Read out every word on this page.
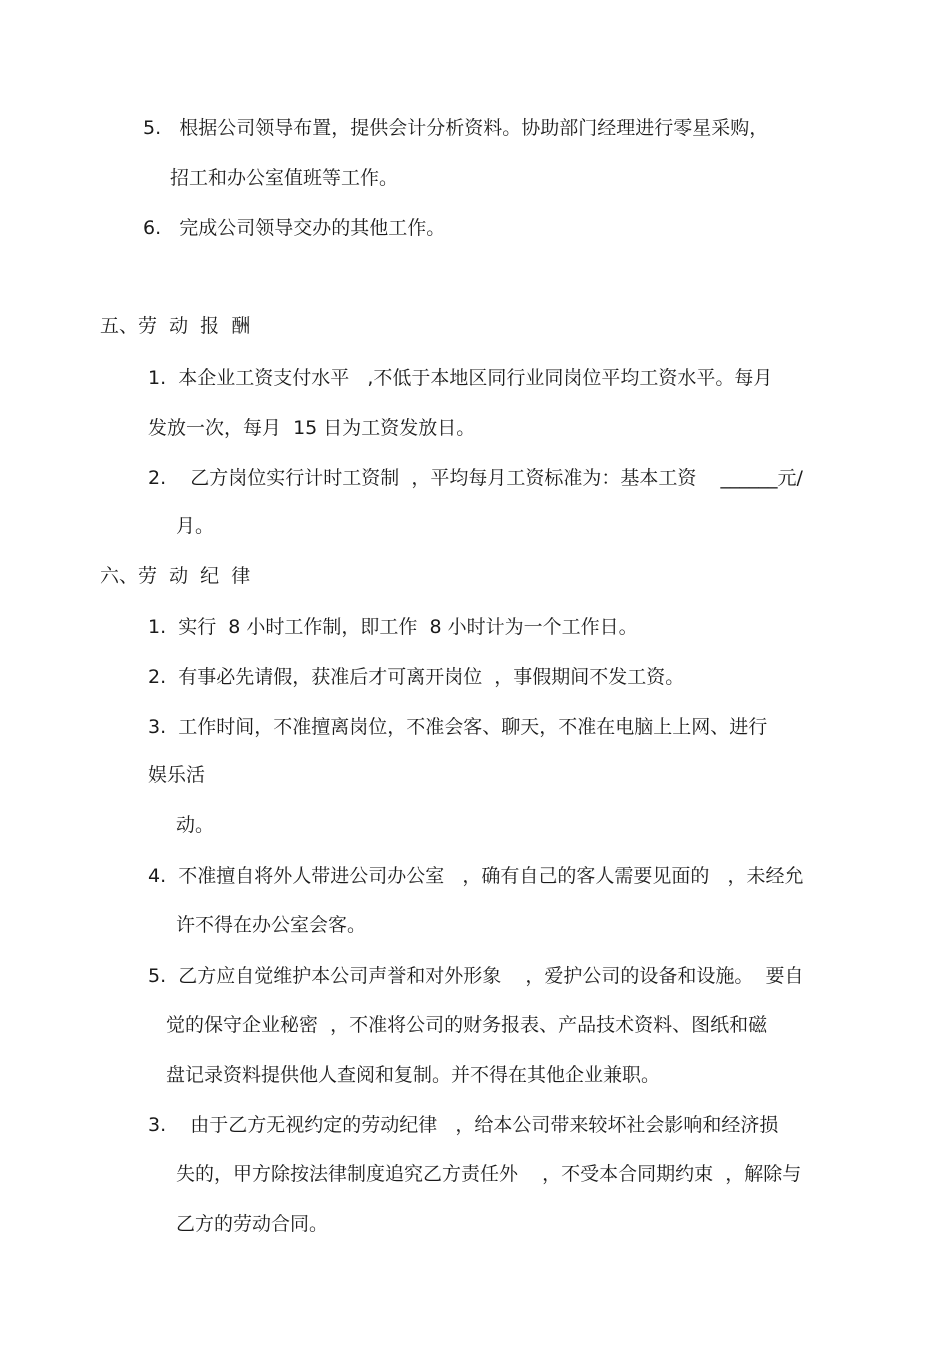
5.   根据公司领导布置，提供会计分析资料。协助部门经理进行零星采购，
招工和办公室值班等工作。
6.   完成公司领导交办的其他工作。
五、劳  动  报  酬
1.  本企业工资支付水平   ,不低于本地区同行业同岗位平均工资水平。每月
发放一次，每月  15 日为工资发放日。
2.    乙方岗位实行计时工资制  ，平均每月工资标准为：基本工资    ______元/
月。
六、劳  动  纪  律
1.  实行  8 小时工作制，即工作  8 小时计为一个工作日。
2.  有事必先请假，获准后才可离开岗位  ，事假期间不发工资。
3.  工作时间，不准擅离岗位，不准会客、聊天，不准在电脑上上网、进行
娱乐活
动。
4.  不准擅自将外人带进公司办公室   ，确有自己的客人需要见面的   ，未经允
许不得在办公室会客。
5.  乙方应自觉维护本公司声誉和对外形象    ，爱护公司的设备和设施。  要自
觉的保守企业秘密  ，不准将公司的财务报表、产品技术资料、图纸和磁
盘记录资料提供他人查阅和复制。并不得在其他企业兼职。
3.    由于乙方无视约定的劳动纪律   ，给本公司带来较坏社会影响和经济损
失的，甲方除按法律制度追究乙方责任外    ，不受本合同期约束  ，解除与
乙方的劳动合同。
